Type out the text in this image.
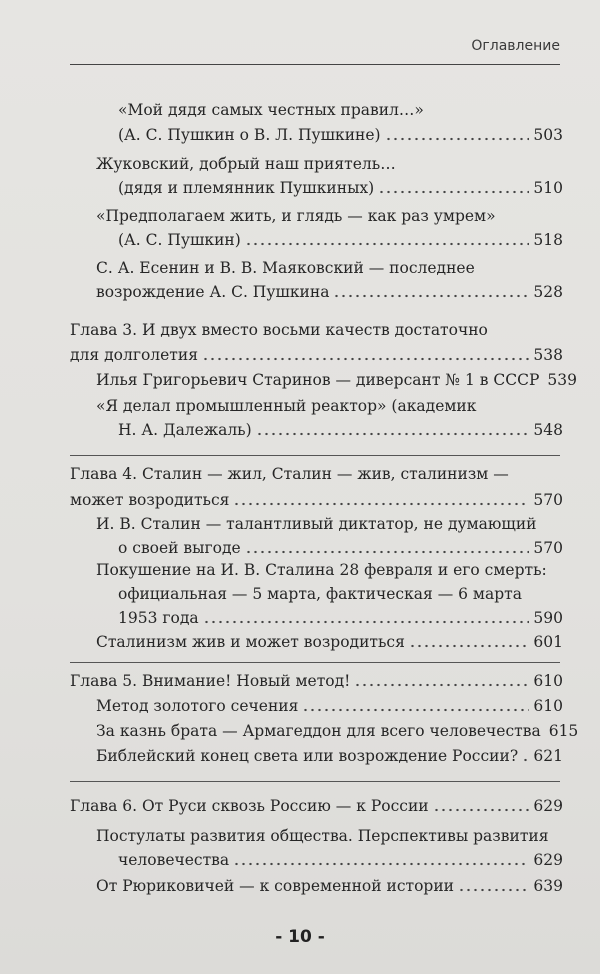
Оглавление
«Мой дядя самых честных правил…»
(А. С. Пушкин о В. Л. Пушкине)	503
Жуковский, добрый наш приятель…
(дядя и племянник Пушкиных)	510
«Предполагаем жить, и глядь — как раз умрем»
(А. С. Пушкин)	518
С. А. Есенин и В. В. Маяковский — последнее
возрождение А. С. Пушкина	528
Глава 3. И двух вместо восьми качеств достаточно
для долголетия	538
Илья Григорьевич Старинов — диверсант № 1 в СССР 539
«Я делал промышленный реактор» (академик
Н. А. Далежаль)	548
Глава 4. Сталин — жил, Сталин — жив, сталинизм —
может возродиться	570
И. В. Сталин — талантливый диктатор, не думающий
о своей выгоде	570
Покушение на И. В. Сталина 28 февраля и его смерть:
официальная — 5 марта, фактическая — 6 марта
1953 года	590
Сталинизм жив и может возродиться	601
Глава 5. Внимание! Новый метод!	610
Метод золотого сечения	610
За казнь брата — Армагеддон для всего человечества 615
Библейский конец света или возрождение России? 621
Глава 6. От Руси сквозь Россию — к России	629
Постулаты развития общества. Перспективы развития
человечества	629
От Рюриковичей — к современной истории	639
- 10 -
